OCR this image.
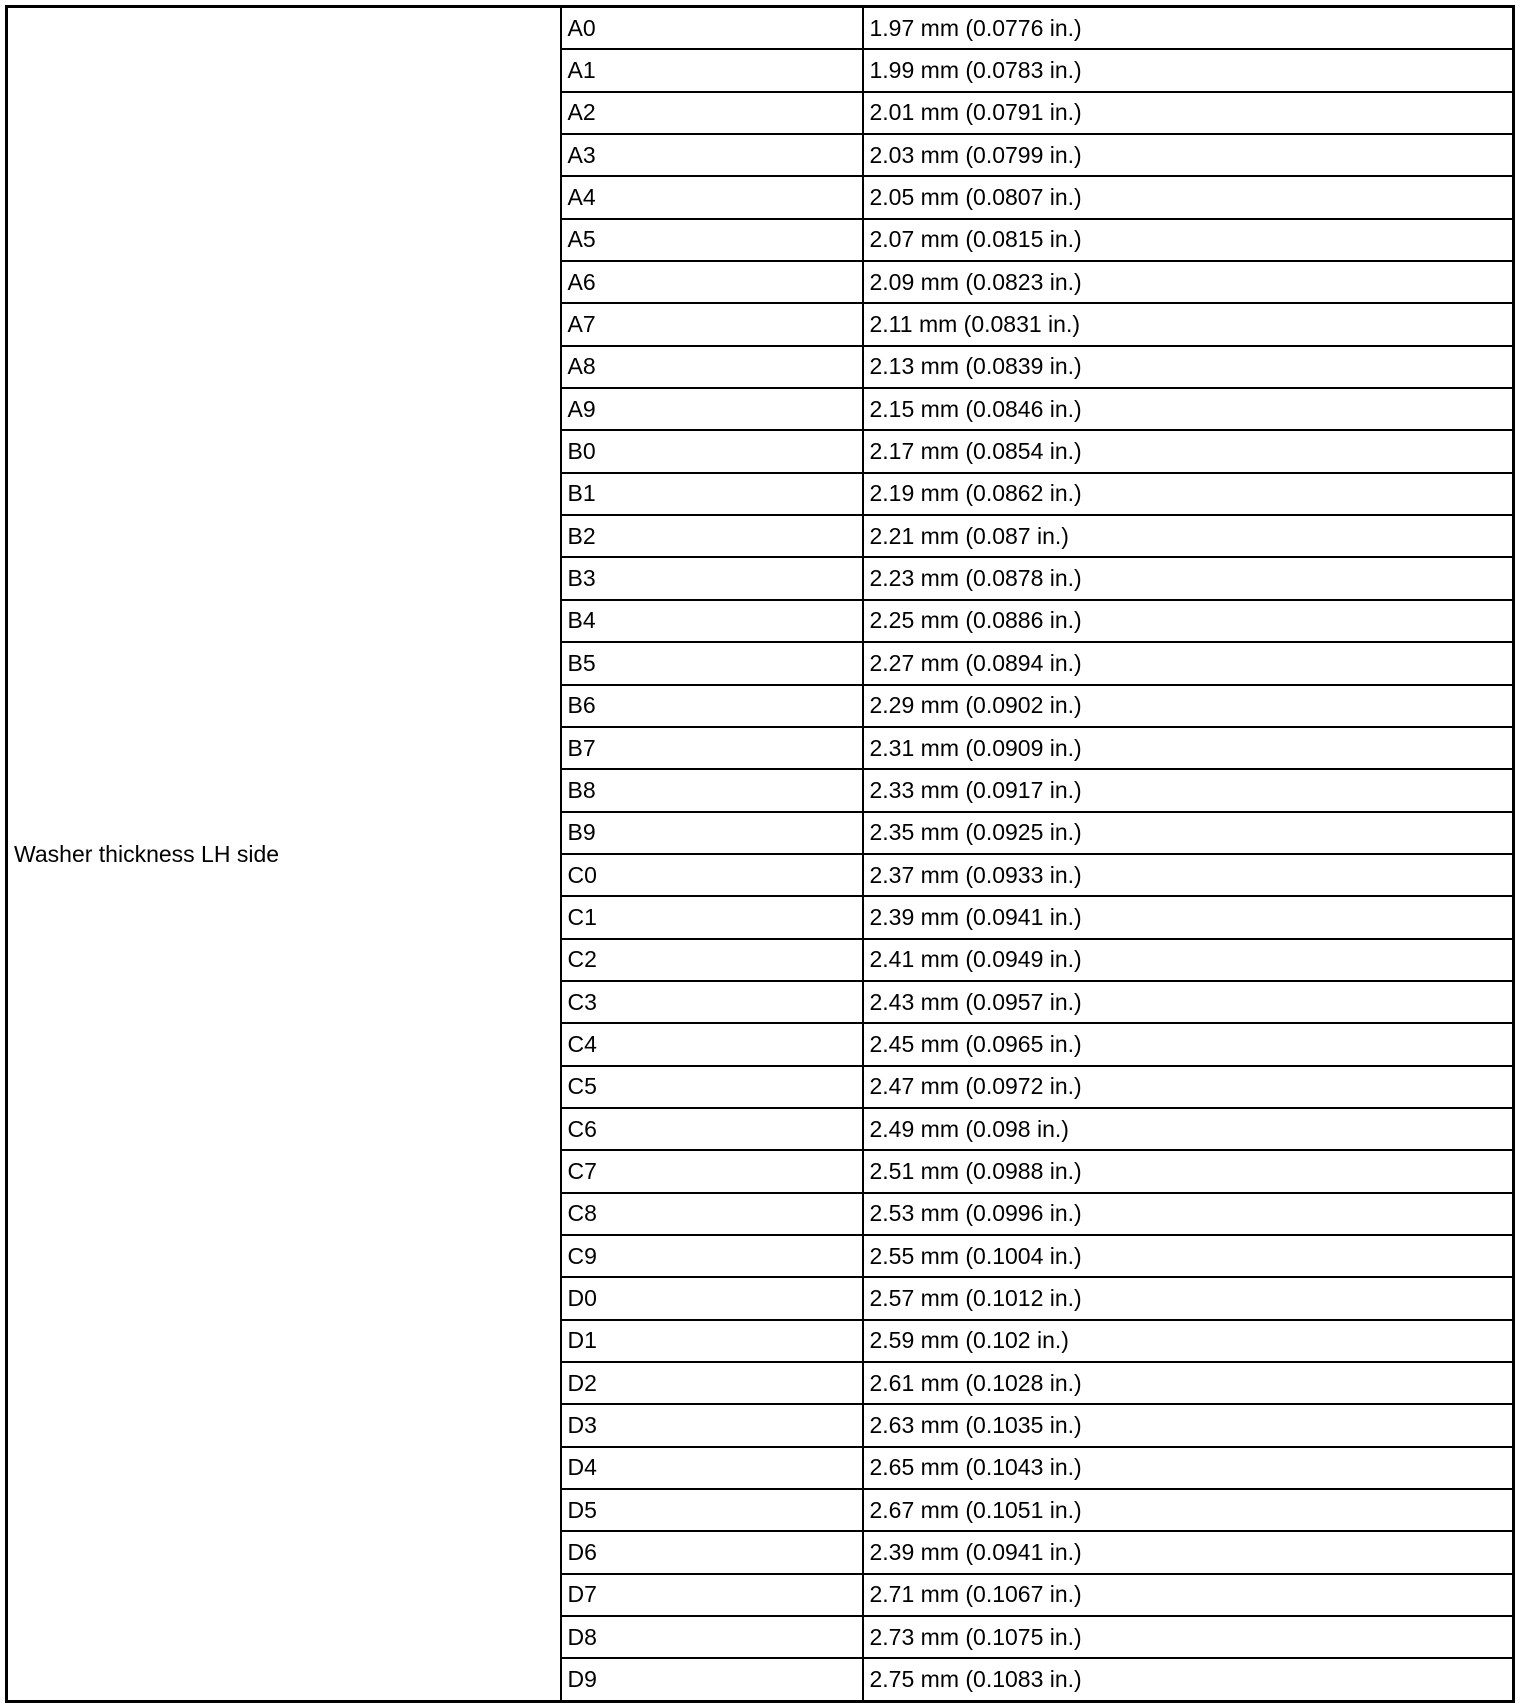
Washer thickness LH side	A0	1.97 mm (0.0776 in.)
	A1	1.99 mm (0.0783 in.)
	A2	2.01 mm (0.0791 in.)
	A3	2.03 mm (0.0799 in.)
	A4	2.05 mm (0.0807 in.)
	A5	2.07 mm (0.0815 in.)
	A6	2.09 mm (0.0823 in.)
	A7	2.11 mm (0.0831 in.)
	A8	2.13 mm (0.0839 in.)
	A9	2.15 mm (0.0846 in.)
	B0	2.17 mm (0.0854 in.)
	B1	2.19 mm (0.0862 in.)
	B2	2.21 mm (0.087 in.)
	B3	2.23 mm (0.0878 in.)
	B4	2.25 mm (0.0886 in.)
	B5	2.27 mm (0.0894 in.)
	B6	2.29 mm (0.0902 in.)
	B7	2.31 mm (0.0909 in.)
	B8	2.33 mm (0.0917 in.)
	B9	2.35 mm (0.0925 in.)
	C0	2.37 mm (0.0933 in.)
	C1	2.39 mm (0.0941 in.)
	C2	2.41 mm (0.0949 in.)
	C3	2.43 mm (0.0957 in.)
	C4	2.45 mm (0.0965 in.)
	C5	2.47 mm (0.0972 in.)
	C6	2.49 mm (0.098 in.)
	C7	2.51 mm (0.0988 in.)
	C8	2.53 mm (0.0996 in.)
	C9	2.55 mm (0.1004 in.)
	D0	2.57 mm (0.1012 in.)
	D1	2.59 mm (0.102 in.)
	D2	2.61 mm (0.1028 in.)
	D3	2.63 mm (0.1035 in.)
	D4	2.65 mm (0.1043 in.)
	D5	2.67 mm (0.1051 in.)
	D6	2.39 mm (0.0941 in.)
	D7	2.71 mm (0.1067 in.)
	D8	2.73 mm (0.1075 in.)
	D9	2.75 mm (0.1083 in.)
